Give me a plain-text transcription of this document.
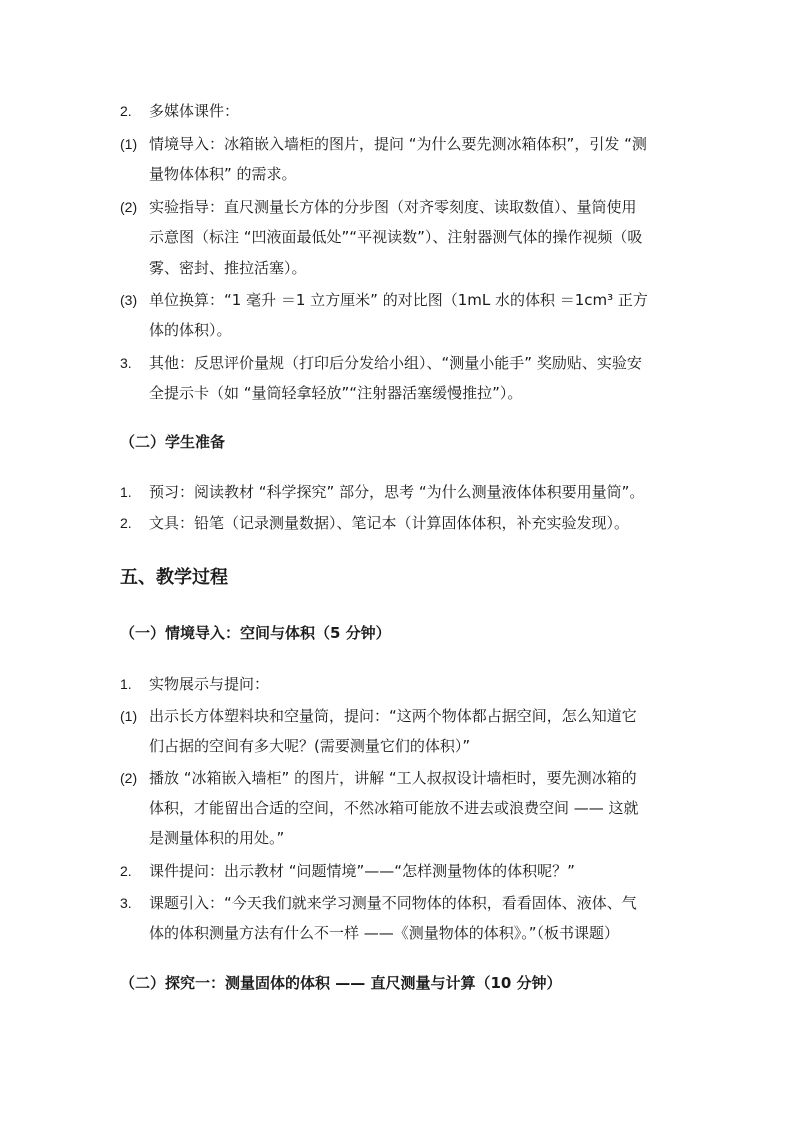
2. 多媒体课件：
(1) 情境导入：冰箱嵌入墙柜的图片，提问 “为什么要先测冰箱体积”，引发 “测
量物体体积” 的需求。
(2) 实验指导：直尺测量长方体的分步图（对齐零刻度、读取数值）、量筒使用
示意图（标注 “凹液面最低处”“平视读数”）、注射器测气体的操作视频（吸
雾、密封、推拉活塞）。
(3) 单位换算：“1 毫升 ＝1 立方厘米” 的对比图（1mL 水的体积 ＝1cm³ 正方
体的体积）。
3. 其他：反思评价量规（打印后分发给小组）、“测量小能手” 奖励贴、实验安
全提示卡（如 “量筒轻拿轻放”“注射器活塞缓慢推拉”）。
（二）学生准备
1. 预习：阅读教材 “科学探究” 部分，思考 “为什么测量液体体积要用量筒”。
2. 文具：铅笔（记录测量数据）、笔记本（计算固体体积，补充实验发现）。
五、教学过程
（一）情境导入：空间与体积（5 分钟）
1. 实物展示与提问：
(1) 出示长方体塑料块和空量筒，提问：“这两个物体都占据空间，怎么知道它
们占据的空间有多大呢？(需要测量它们的体积）”
(2) 播放 “冰箱嵌入墙柜” 的图片，讲解 “工人叔叔设计墙柜时，要先测冰箱的
体积，才能留出合适的空间，不然冰箱可能放不进去或浪费空间 —— 这就
是测量体积的用处。”
2. 课件提问：出示教材 “问题情境”——“怎样测量物体的体积呢？”
3. 课题引入：“今天我们就来学习测量不同物体的体积，看看固体、液体、气
体的体积测量方法有什么不一样 ——《测量物体的体积》。”（板书课题）
（二）探究一：测量固体的体积 —— 直尺测量与计算（10 分钟）
